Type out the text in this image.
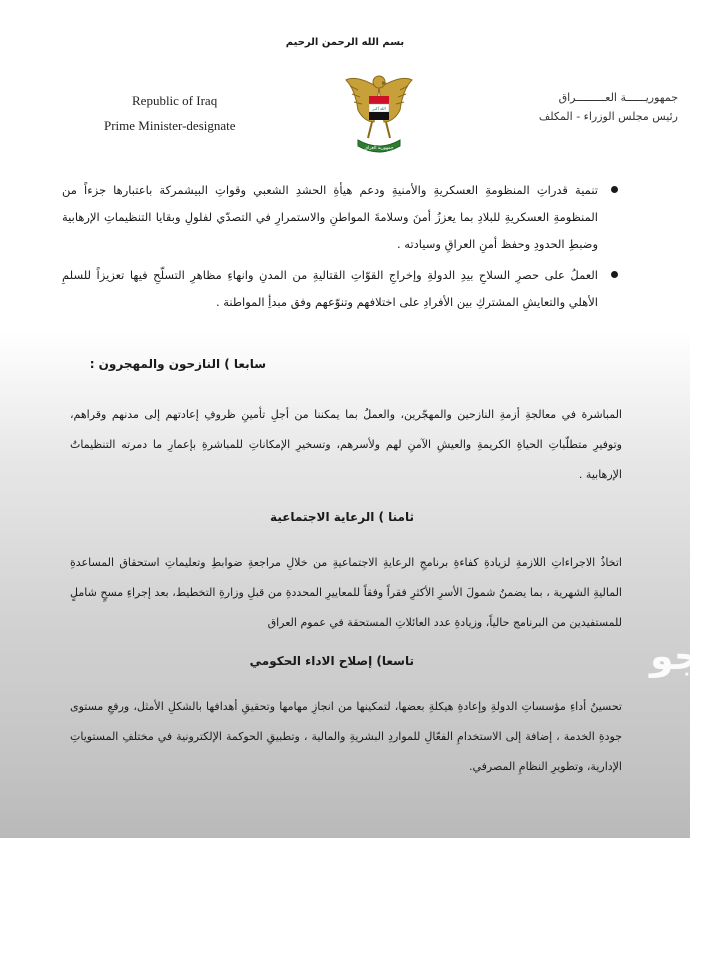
بسم الله الرحمن الرحيم
Republic of Iraq
Prime Minister-designate
جمهوريــــــة العـــــــــراق
رئيس مجلس الوزراء - المكلف
الله أكبر
جمهورية العراق
تنمية قدراتِ المنظومةِ العسكريةِ والأمنيةِ ودعم هيأةِ الحشدِ الشعبي وقواتِ البيشمركة باعتبارها جزءاً من المنظومةِ العسكريةِ للبلادِ بما يعززُ أمنَ وسلامةَ المواطنِ والاستمرارِ في التصدّي لفلولِ وبقايا التنظيماتِ الإرهابية وضبطِ الحدودِ وحفظ أمنِ العراقِ وسيادته .
العملُ على حصرِ السلاحِ بيدِ الدولةِ وإخراجِ القوّاتِ القتاليةِ من المدنِ وانهاءِ مظاهرِ التسلّحِ فيها تعزيزاً للسلمِ الأهلي والتعايشِ المشتركِ بين الأفرادِ على اختلافهم وتنوّعهم وفق مبدأِ المواطنة .
سابعا ) النازحون والمهجرون :
المباشرة في معالجةِ أزمةِ النازحين والمهجّرين، والعملُ بما يمكننا من أجلِ تأمينِ ظروفِ إعادتهم إلى مدنهم وقراهم، وتوفيرِ متطلّباتِ الحياةِ الكريمةِ والعيشِ الآمنِ لهم ولأسرهم، وتسخيرِ الإمكاناتِ للمباشرةِ بإعمارِ ما دمرته التنظيماتُ الإرهابية .
ثامنا ) الرعاية الاجتماعية
اتخاذُ الاجراءاتِ اللازمةِ لزيادةِ كفاءةِ برنامجِ الرعايةِ الاجتماعيةِ من خلالِ مراجعةِ ضوابطِ وتعليماتِ استحقاق المساعدةِ الماليةِ الشهرية ، بما يضمنُ شمولَ الأسرِ الأكثرِ فقراً وفقاً للمعاييرِ المحددةِ من قبلِ وزارةِ التخطيط، بعد إجراءِ مسحٍ شاملٍ للمستفيدين من البرنامج حالياً، وزيادةِ عدد العائلاتِ المستحقة في عموم العراق
تاسعا) إصلاح الاداء الحكومي
تحسينُ أداءِ مؤسساتِ الدولةِ وإعادةِ هيكلةِ بعضها، لتمكينها من انجازِ مهامها وتحقيقِ أهدافها بالشكلِ الأمثل، ورفعِ مستوى جودةِ الخدمة ، إضافة إلى الاستخدامِ الفعّالِ للمواردِ البشريةِ والمالية ، وتطبيقِ الحوكمة الإلكترونية في مختلفِ المستوياتِ الإدارية، وتطويرِ النظامِ المصرفي.
جو
